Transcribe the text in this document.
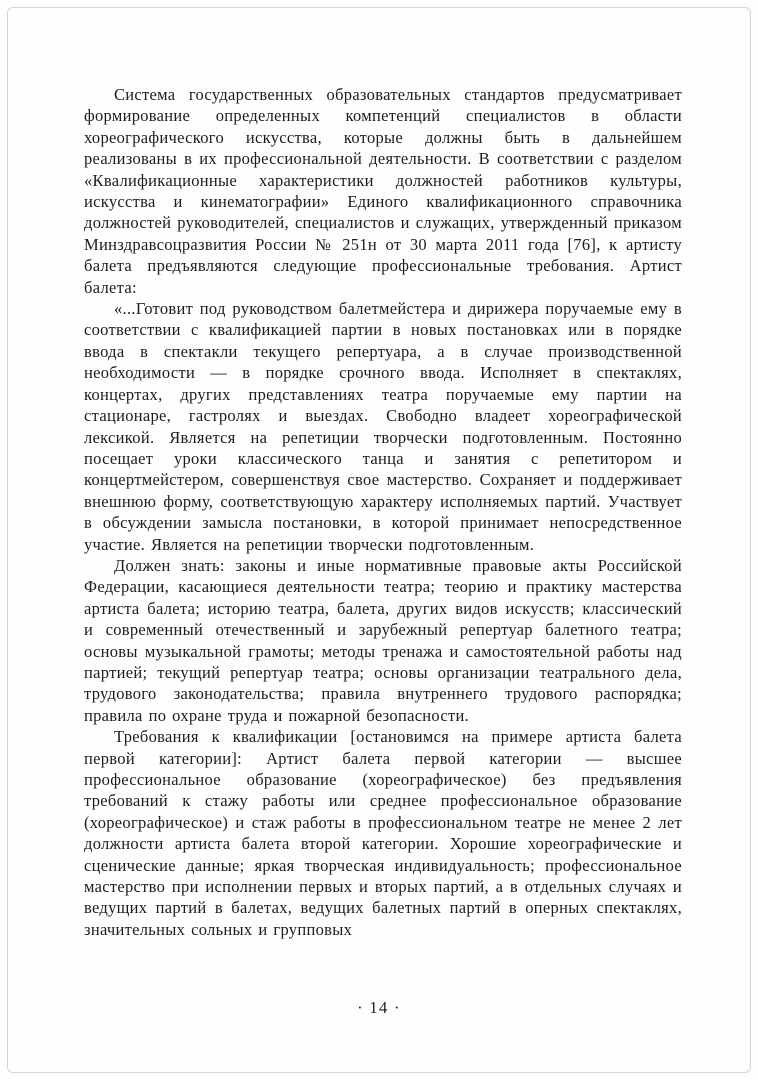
Система государственных образовательных стандартов предусматривает формирование определенных компетенций специалистов в области хореографического искусства, которые должны быть в дальнейшем реализованы в их профессиональной деятельности. В соответствии с разделом «Квалификационные характеристики должностей работников культуры, искусства и кинематографии» Единого квалификационного справочника должностей руководителей, специалистов и служащих, утвержденный приказом Минздравсоцразвития России № 251н от 30 марта 2011 года [76], к артисту балета предъявляются следующие профессиональные требования. Артист балета:

«...Готовит под руководством балетмейстера и дирижера поручаемые ему в соответствии с квалификацией партии в новых постановках или в порядке ввода в спектакли текущего репертуара, а в случае производственной необходимости — в порядке срочного ввода. Исполняет в спектаклях, концертах, других представлениях театра поручаемые ему партии на стационаре, гастролях и выездах. Свободно владеет хореографической лексикой. Является на репетиции творчески подготовленным. Постоянно посещает уроки классического танца и занятия с репетитором и концертмейстером, совершенствуя свое мастерство. Сохраняет и поддерживает внешнюю форму, соответствующую характеру исполняемых партий. Участвует в обсуждении замысла постановки, в которой принимает непосредственное участие. Является на репетиции творчески подготовленным.

Должен знать: законы и иные нормативные правовые акты Российской Федерации, касающиеся деятельности театра; теорию и практику мастерства артиста балета; историю театра, балета, других видов искусств; классический и современный отечественный и зарубежный репертуар балетного театра; основы музыкальной грамоты; методы тренажа и самостоятельной работы над партией; текущий репертуар театра; основы организации театрального дела, трудового законодательства; правила внутреннего трудового распорядка; правила по охране труда и пожарной безопасности.

Требования к квалификации [остановимся на примере артиста балета первой категории]: Артист балета первой категории — высшее профессиональное образование (хореографическое) без предъявления требований к стажу работы или среднее профессиональное образование (хореографическое) и стаж работы в профессиональном театре не менее 2 лет должности артиста балета второй категории. Хорошие хореографические и сценические данные; яркая творческая индивидуальность; профессиональное мастерство при исполнении первых и вторых партий, а в отдельных случаях и ведущих партий в балетах, ведущих балетных партий в оперных спектаклях, значительных сольных и групповых

· 14 ·
